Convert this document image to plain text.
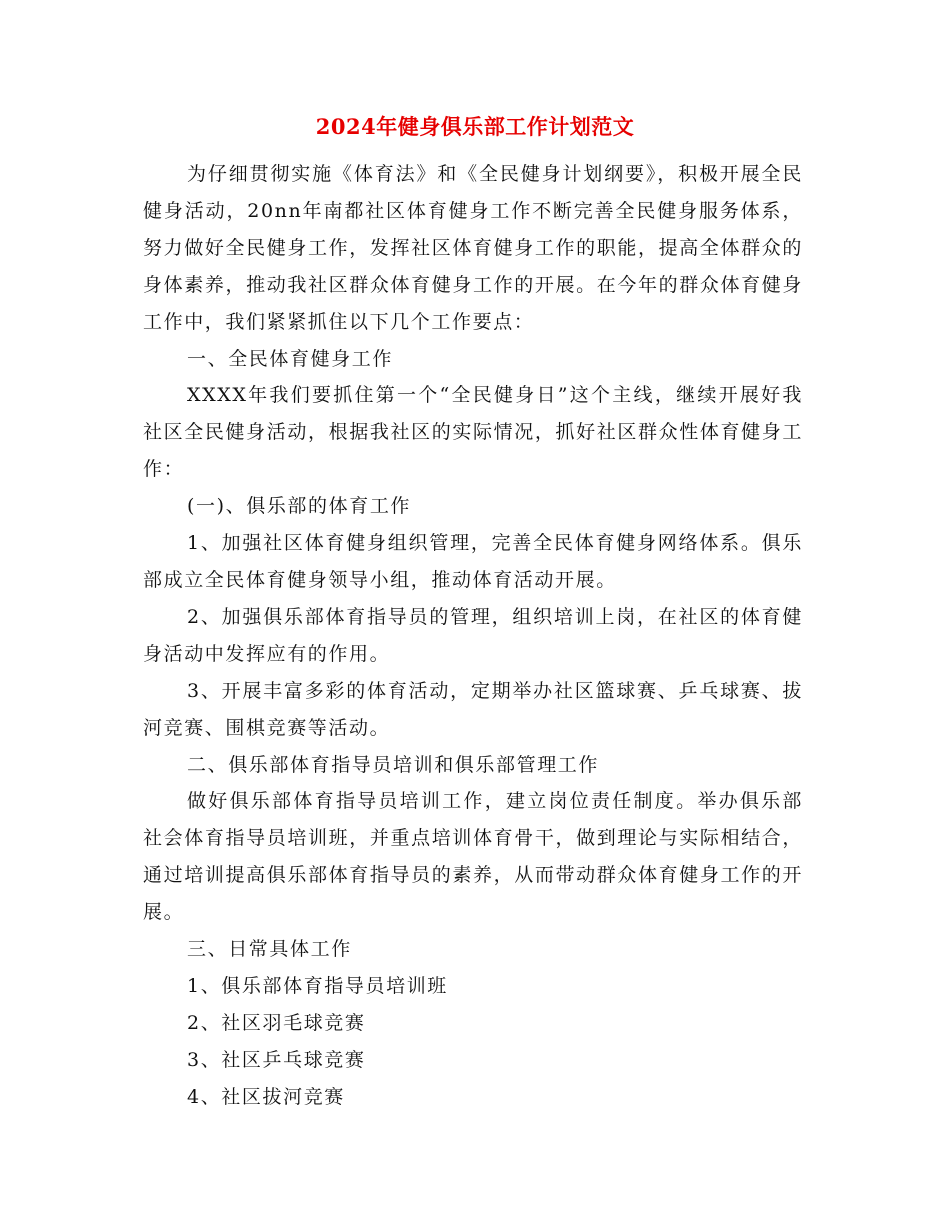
2024年健身俱乐部工作计划范文

为仔细贯彻实施《体育法》和《全民健身计划纲要》，积极开展全民健身活动，20nn年南都社区体育健身工作不断完善全民健身服务体系，努力做好全民健身工作，发挥社区体育健身工作的职能，提高全体群众的身体素养，推动我社区群众体育健身工作的开展。在今年的群众体育健身工作中，我们紧紧抓住以下几个工作要点：

一、全民体育健身工作

XXXX年我们要抓住第一个“全民健身日”这个主线，继续开展好我社区全民健身活动，根据我社区的实际情况，抓好社区群众性体育健身工作：

(一)、俱乐部的体育工作

1、加强社区体育健身组织管理，完善全民体育健身网络体系。俱乐部成立全民体育健身领导小组，推动体育活动开展。

2、加强俱乐部体育指导员的管理，组织培训上岗，在社区的体育健身活动中发挥应有的作用。

3、开展丰富多彩的体育活动，定期举办社区篮球赛、乒乓球赛、拔河竞赛、围棋竞赛等活动。

二、俱乐部体育指导员培训和俱乐部管理工作

做好俱乐部体育指导员培训工作，建立岗位责任制度。举办俱乐部社会体育指导员培训班，并重点培训体育骨干，做到理论与实际相结合，通过培训提高俱乐部体育指导员的素养，从而带动群众体育健身工作的开展。

三、日常具体工作

1、俱乐部体育指导员培训班

2、社区羽毛球竞赛

3、社区乒乓球竞赛

4、社区拔河竞赛
